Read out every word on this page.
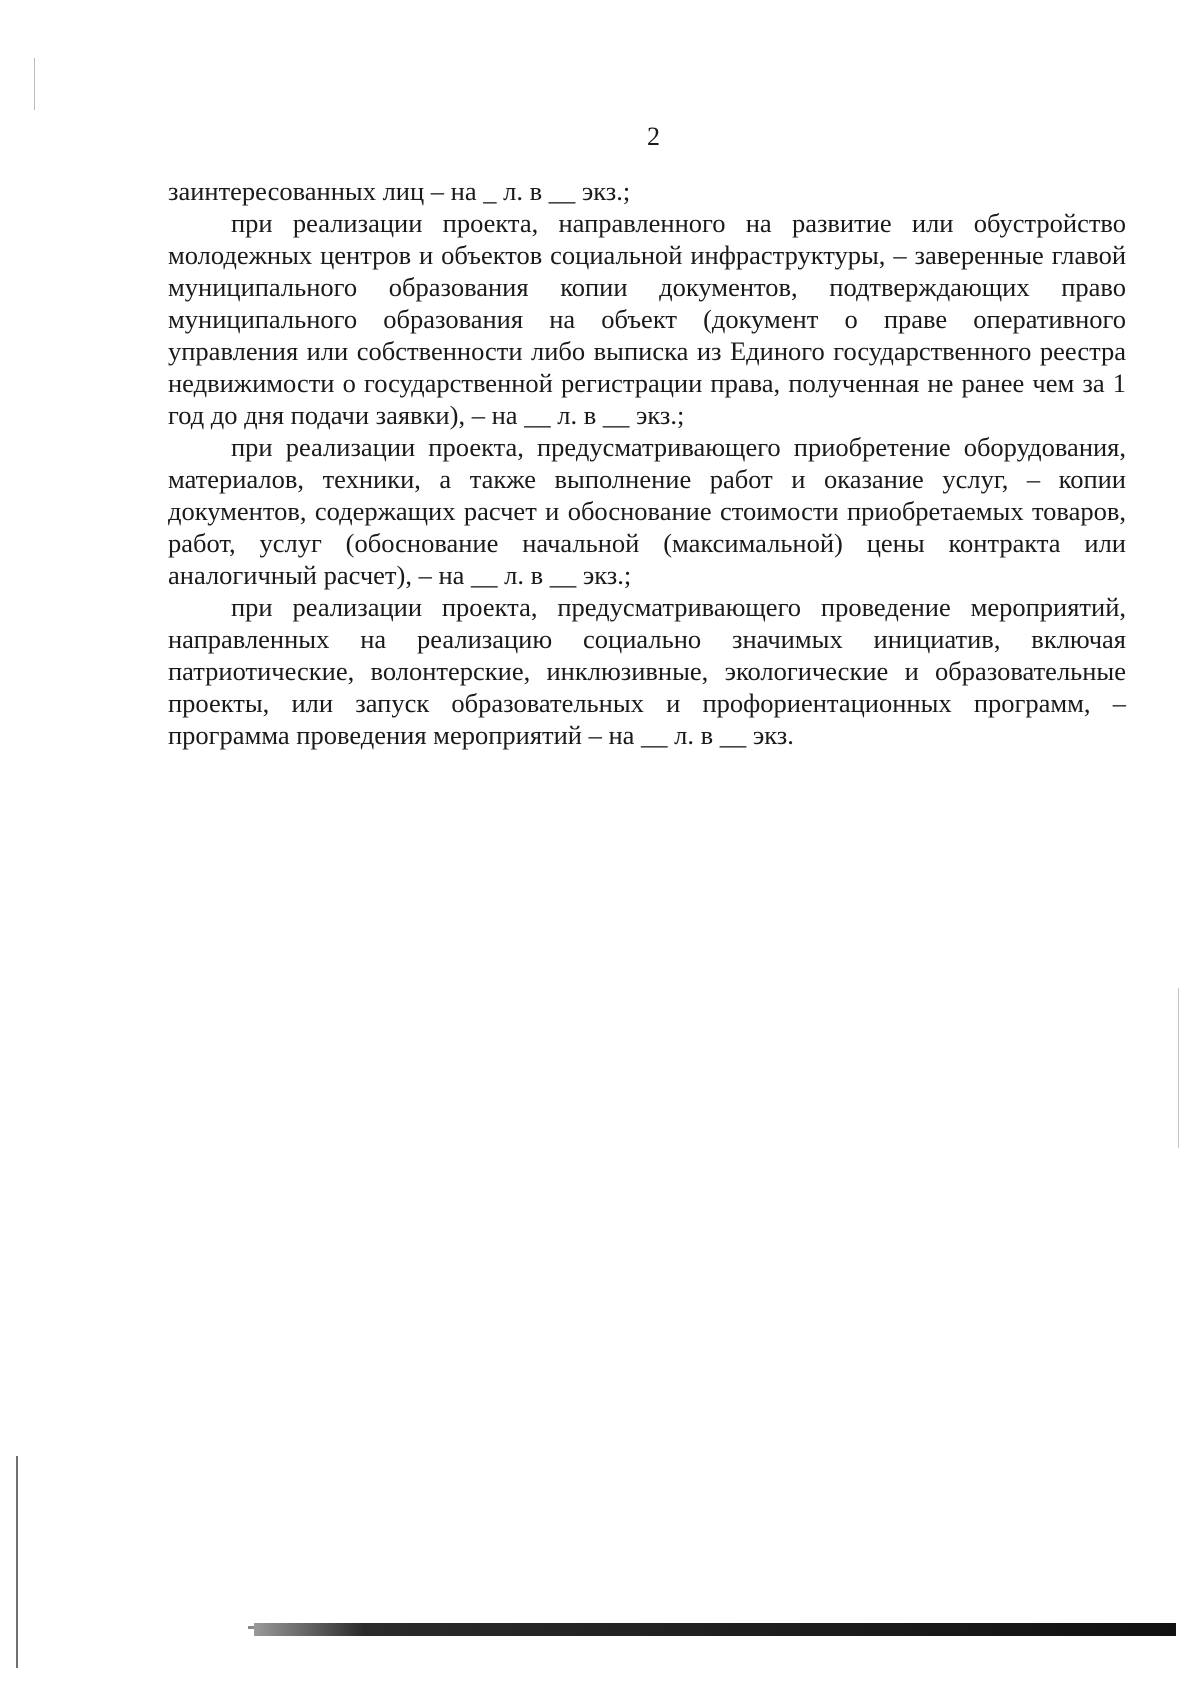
2

заинтересованных лиц – на _ л. в __ экз.;

при реализации проекта, направленного на развитие или обустройство молодежных центров и объектов социальной инфраструктуры, – заверенные главой муниципального образования копии документов, подтверждающих право муниципального образования на объект (документ о праве оперативного управления или собственности либо выписка из Единого государственного реестра недвижимости о государственной регистрации права, полученная не ранее чем за 1 год до дня подачи заявки), – на __ л. в __ экз.;

при реализации проекта, предусматривающего приобретение оборудования, материалов, техники, а также выполнение работ и оказание услуг, – копии документов, содержащих расчет и обоснование стоимости приобретаемых товаров, работ, услуг (обоснование начальной (максимальной) цены контракта или аналогичный расчет), – на __ л. в __ экз.;

при реализации проекта, предусматривающего проведение мероприятий, направленных на реализацию социально значимых инициатив, включая патриотические, волонтерские, инклюзивные, экологические и образовательные проекты, или запуск образовательных и профориентационных программ, – программа проведения мероприятий – на __ л. в __ экз.
